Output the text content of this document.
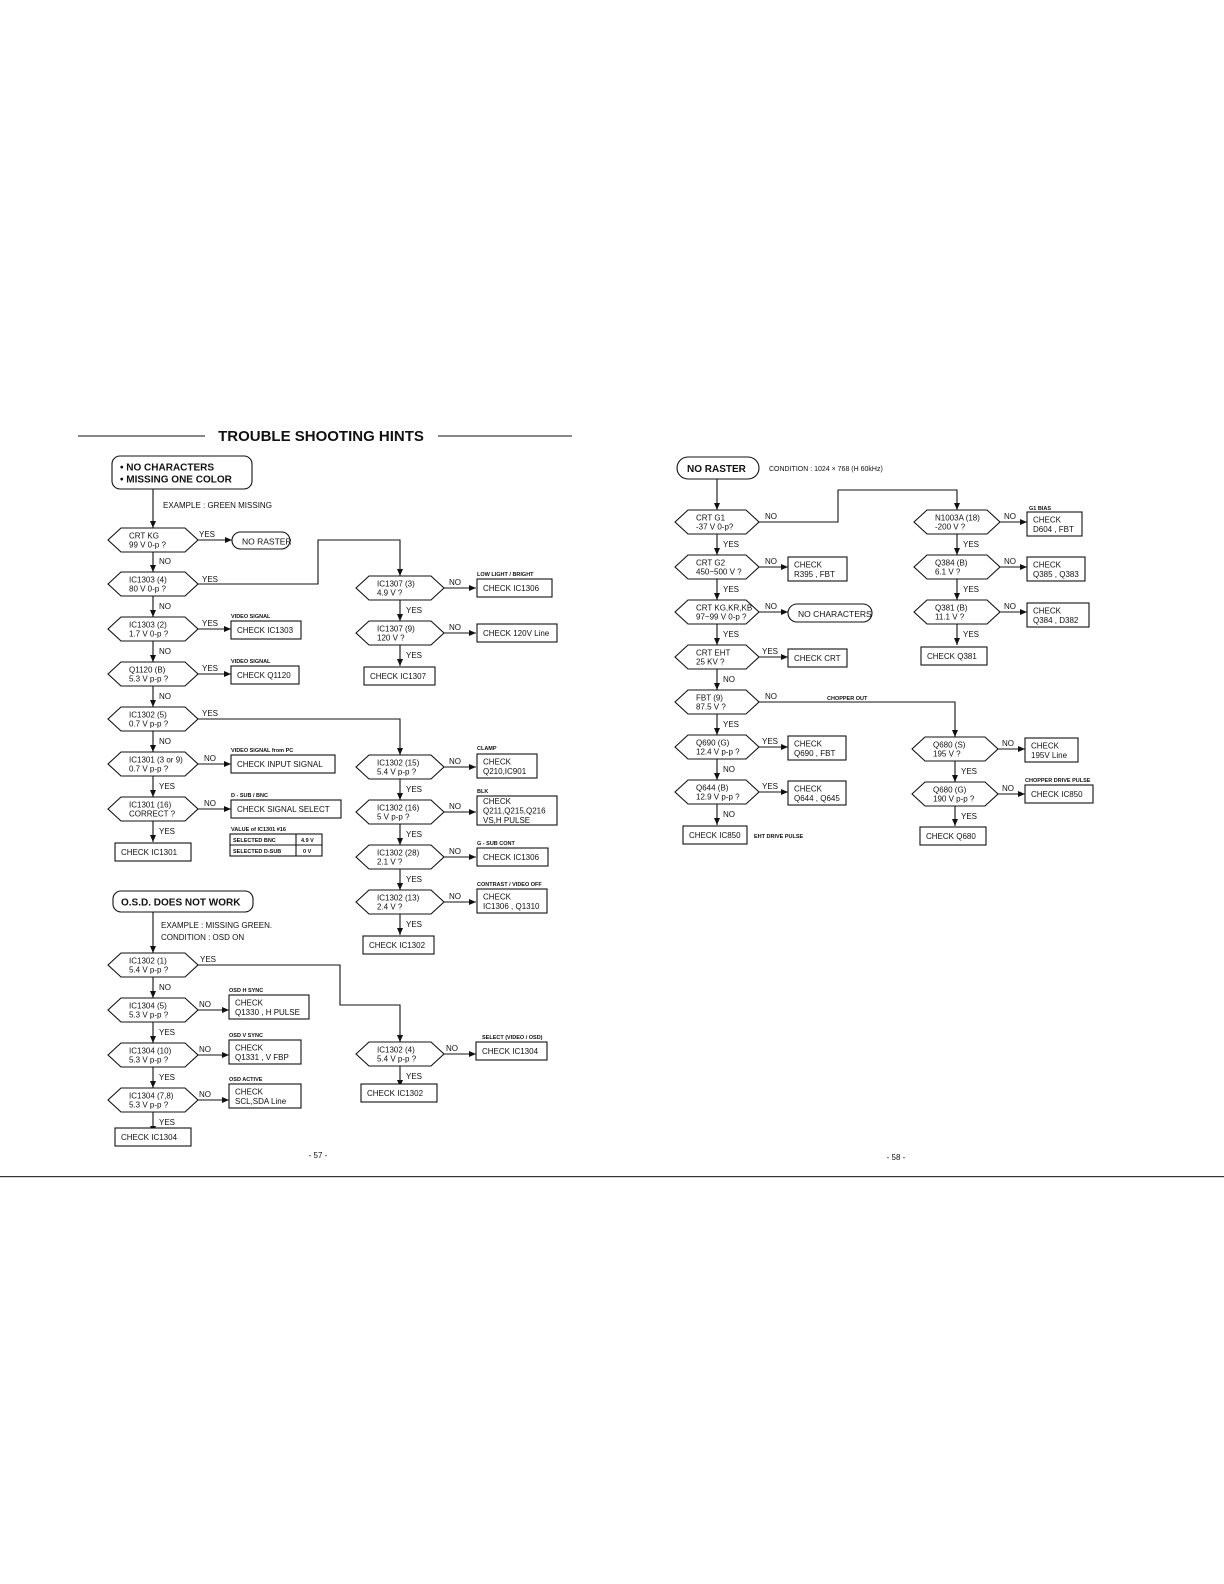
TROUBLE SHOOTING HINTS
- 57 -	- 58 -
• NO CHARACTERS
• MISSING ONE COLOR
EXAMPLE : GREEN MISSING
CRT KG
99 V 0-p ?
YES
NO RASTER
NO
IC1303 (4)
80 V 0-p ?
YES
NO
IC1303 (2)
1.7 V 0-p ?
YES
VIDEO SIGNAL
CHECK IC1303
NO
Q1120 (B)
5.3 V p-p ?
YES
VIDEO SIGNAL
CHECK Q1120
NO
IC1302 (5)
0.7 V p-p ?
YES
NO
IC1301 (3 or 9)
0.7 V p-p ?
NO
VIDEO SIGNAL from PC
CHECK INPUT SIGNAL
YES
IC1301 (16)
CORRECT ?
NO
D - SUB / BNC
CHECK SIGNAL SELECT
YES
CHECK IC1301
VALUE of IC1301 #16
SELECTED BNC	4.9 V
SELECTED D-SUB	0 V
IC1307 (3)
4.9 V ?
NO
LOW LIGHT / BRIGHT
CHECK IC1306
YES
IC1307 (9)
120 V ?
NO
CHECK 120V Line
YES
CHECK IC1307
IC1302 (15)
5.4 V p-p ?
NO
CLAMP
CHECK
Q210,IC901
YES
IC1302 (16)
5 V p-p ?
NO
BLK
CHECK
Q211,Q215,Q216
VS,H PULSE
YES
IC1302 (28)
2.1 V ?
NO
G - SUB CONT
CHECK IC1306
YES
IC1302 (13)
2.4 V ?
NO
CONTRAST / VIDEO OFF
CHECK
IC1306 , Q1310
YES
CHECK IC1302
O.S.D. DOES NOT WORK
EXAMPLE : MISSING GREEN.
CONDITION : OSD ON
IC1302 (1)
5.4 V p-p ?
YES
NO
IC1304 (5)
5.3 V p-p ?
NO
OSD H SYNC
CHECK
Q1330 , H PULSE
YES
IC1304 (10)
5.3 V p-p ?
NO
OSD V SYNC
CHECK
Q1331 , V FBP
YES
IC1304 (7,8)
5.3 V p-p ?
NO
OSD ACTIVE
CHECK
SCL,SDA Line
YES
CHECK IC1304
IC1302 (4)
5.4 V p-p ?
NO
SELECT (VIDEO / OSD)
CHECK IC1304
YES
CHECK IC1302
NO RASTER	CONDITION : 1024 × 768 (H 60kHz)
CRT G1
-37 V 0-p?
NO
YES
CRT G2
450~500 V ?
NO CHECK
R395 , FBT
YES
CRT KG,KR,KB
97~99 V 0-p ?
NO
NO CHARACTERS
YES
CRT EHT
25 KV ?
YES
CHECK CRT
NO
FBT (9)
87.5 V ?
NO	CHOPPER OUT
YES
Q690 (G)
12.4 V p-p ?
YES CHECK
Q690 , FBT
NO
Q644 (B)
12.9 V p-p ?
YES CHECK
Q644 , Q645
NO
CHECK IC850 EHT DRIVE PULSE
N1003A (18)
-200 V ?
NO
G1 BIAS
CHECK
D604 , FBT
YES
Q384 (B)
6.1 V ?
NO CHECK
Q385 , Q383
YES
Q381 (B)
11.1 V ?
NO CHECK
Q384 , D382
YES
CHECK Q381
Q680 (S)
195 V ?
NO CHECK
195V Line
YES
Q680 (G)
190 V p-p ?
NO
CHOPPER DRIVE PULSE
CHECK IC850
YES
CHECK Q680
